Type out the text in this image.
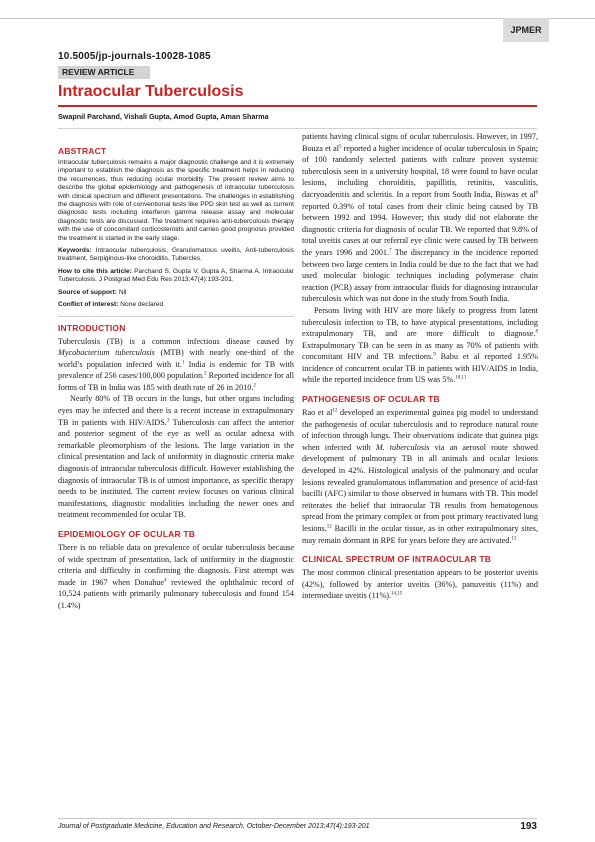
JPMER
10.5005/jp-journals-10028-1085
REVIEW ARTICLE
Intraocular Tuberculosis
Swapnil Parchand, Vishali Gupta, Amod Gupta, Aman Sharma
ABSTRACT

Intraocular tuberculosis remains a major diagnostic challenge and it is extremely important to establish the diagnosis as the specific treatment helps in reducing the recurrences, thus reducing ocular morbidity. The present review aims to describe the global epidemiology and pathogenesis of intraocular tuberculosis with clinical spectrum and different presentations. The challenges in establishing the diagnosis with role of conventional tests like PPD skin test as well as current diagnostic tests including interferon gamma release assay and molecular diagnostic tests are discussed. The treatment requires anti-tubercuIosis therapy with the use of concomitant corticosteroids and carries good prognosis provided the treatment is started in the early stage.

Keywords: Intraocular tuberculosis, Granulomatous uveitis, Anti-tuberculosis treatment, Serpiginous-like choroiditis, Tubercles.
How to cite this article: Parchand S, Gupta V, Gupta A, Sharma A. Intraocular Tuberculosis. J Postgrad Med Edu Res 2013;47(4):193-201.
Source of support: Nil
Conflict of interest: None declared
INTRODUCTION

Tuberculosis (TB) is a common infectious disease caused by Mycobacterium tuberculosis (MTB) with nearly one-third of the world’s population infected with it.$^1$ India is endemic for TB with prevalence of 256 cases/100,000 population.$^2$ Reported incidence for all forms of TB in India was 185 with death rate of 26 in 2010.$^2$

Nearly 80% of TB occurs in the lungs, but other organs including eyes may be infected and there is a recent increase in extrapulmonary TB in patients with HIV/AIDS.$^3$ Tuberculosis can affect the anterior and posterior segment of the eye as well as ocular adnexa with remarkable pleomorphism of the lesions. The large variation in the clinical presentation and lack of uniformity in diagnostic criteria make diagnosis of intraocular tuberculosis difficult. However establishing the diagnosis of intraocular TB is of utmost importance, as specific therapy needs to be instituted. The current review focuses on various clinical manifestations, diagnostic modalities including the newer ones and treatment recommended for ocular TB.

EPIDEMIOLOGY OF OCULAR TB

There is no reliable data on prevalence of ocular tuberculosis because of wide spectrum of presentation, lack of uniformity in the diagnostic criteria and difficulty in confirming the diagnosis. First attempt was made in 1967 when Donahue$^4$ reviewed the ophthalmic record of 10,524 patients with primarily pulmonary tuberculosis and found 154 (1.4%)

patients having clinical signs of ocular tuberculosis. However, in 1997, Bouza et $al^5$ reported a higher incidence of ocular tuberculosis in Spain; of 100 randomly selected patients with culture proven systemic tuberculosis seen in a university hospital, 18 were found to have ocular lesions, including choroiditis, papillitis, retinitis, vasculitis, dacryoadenitis and scleritis. In a report from South India, Biswas et $al^6$ reported 0.39% of total cases from their clinic being caused by TB between 1992 and 1994. However; this study did not elaborate the diagnostic criteria for diagnosis of ocular TB. We reported that 9.8% of total uveitis cases at our referral eye clinic were caused by TB between the years 1996 and 2001.$^7$ The discrepancy in the incidence reported between two large centers in India could be due to the fact that we had used molecular biologic techniques including polymerase chain reaction (PCR) assay from intraocular fluids for diagnosing intraocular tuberculosis which was not done in the study from South India.

Persons living with HIV are more likely to progress from latent tuberculosis infection to TB, to have atypical presentations, including extrapulmonary TB, and are more difficult to diagnose.$^8$ Extrapulmonary TB can be seen in as many as 70% of patients with concomitant HIV and TB infections.$^9$ Babu et al reported 1.95% incidence of concurrent ocular TB in patients with HIV/AIDS in India, while the reported incidence from US was 5%.$^{10,11}$

PATHOGENESIS OF OCULAR TB

Rao et $al^{12}$ developed an experimental guinea pig model to understand the pathogenesis of ocular tuberculosis and to reproduce natural route of infection through lungs. Their observations indicate that guinea pigs when infected with M. tuberculosis via an aerosol route showed development of pulmonary TB in all animals and ocular lesions developed in 42%. Histological analysis of the pulmonary and ocular lesions revealed granulomatous inflammation and presence of acid-fast bacilli (AFC) similar to those observed in humans with TB. This model reiterates the belief that intraocular TB results from hematogenous spread from the primary complex or from post primary reactivated lung lesions.$^{12}$ Bacilli in the ocular tissue, as in other extrapulmonary sites, may remain dormant in RPE for years before they are activated.$^{13}$

CLINICAL SPECTRUM OF INTRAOCULAR TB

The most common clinical presentation appears to be posterior uveitis (42%), followed by anterior uveitis (36%), panuveitis (11%) and intermediate uveitis (11%).$^{14,15}$

Journal of Postgraduate Medicine, Education and Research, October-December 2013;47(4):193-201	193
